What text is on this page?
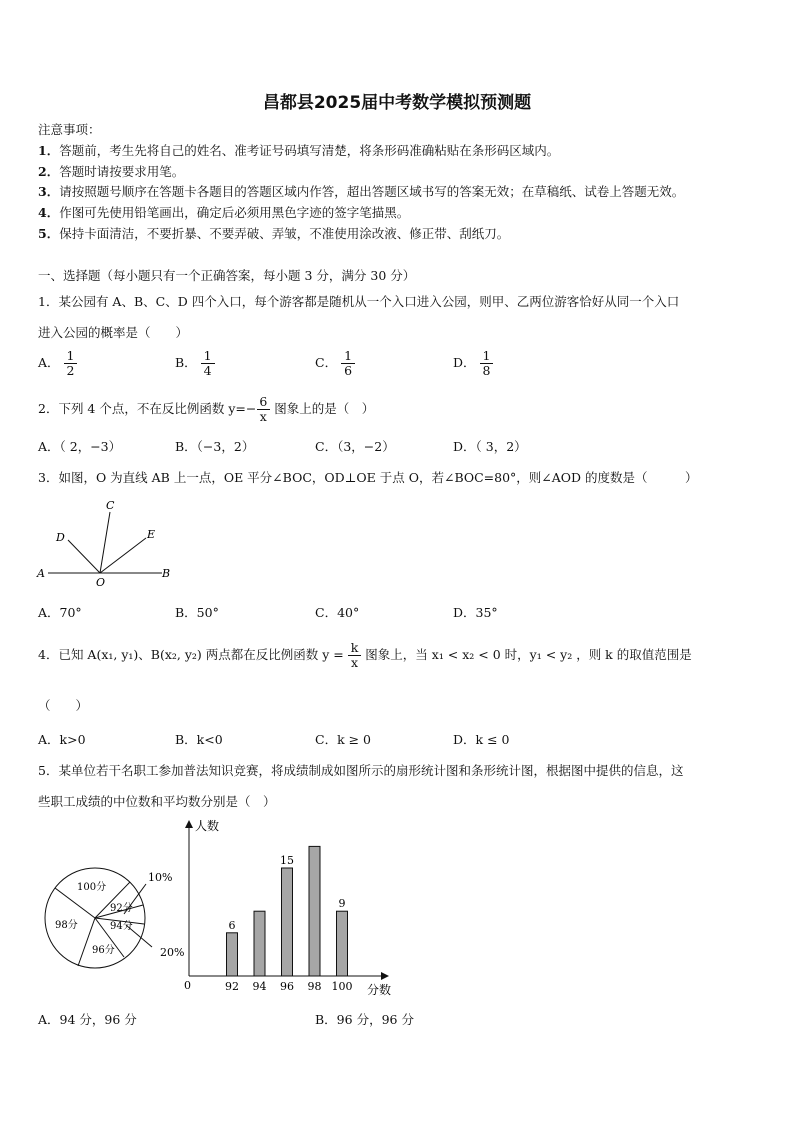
昌都县2025届中考数学模拟预测题
注意事项：
1．答题前，考生先将自己的姓名、准考证号码填写清楚，将条形码准确粘贴在条形码区域内。
2．答题时请按要求用笔。
3．请按照题号顺序在答题卡各题目的答题区域内作答，超出答题区域书写的答案无效；在草稿纸、试卷上答题无效。
4．作图可先使用铅笔画出，确定后必须用黑色字迹的签字笔描黑。
5．保持卡面清洁，不要折暴、不要弄破、弄皱，不准使用涂改液、修正带、刮纸刀。
一、选择题（每小题只有一个正确答案，每小题 3 分，满分 30 分）
1．某公园有 A、B、C、D 四个入口，每个游客都是随机从一个入口进入公园，则甲、乙两位游客恰好从同一个入口
进入公园的概率是（　　）
A． $\frac{1}{2}$	B． $\frac{1}{4}$	C． $\frac{1}{6}$	D． $\frac{1}{8}$
2．下列 4 个点，不在反比例函数 $y=- \frac{6}{x}$ 图象上的是（　）
A．（ 2，−3）	B．（−3，2）	C．（3，−2）	D．（ 3，2）
3．如图，O 为直线 AB 上一点，OE 平分∠BOC，OD⊥OE 于点 O，若∠BOC=80°，则∠AOD 的度数是（　　　）
A	B
C
D	E
O
A．70°	B．50°	C．40°	D．35°
4．已知 A(x₁, y₁)、B(x₂, y₂) 两点都在反比例函数 $y = \frac{k}{x}$ 图象上，当 x₁ < x₂ < 0 时，y₁ < y₂ ，则 k 的取值范围是
（　　）
A．k>0	B．k<0	C．k ≥ 0	D．k ≤ 0
5．某单位若干名职工参加普法知识竞赛，将成绩制成如图所示的扇形统计图和条形统计图，根据图中提供的信息，这
些职工成绩的中位数和平均数分别是（　）
100分
92分
94分
96分
98分
10%
20%
人数
分数
0	92
6
94 96
15
98 100
9
A．94 分，96 分	B．96 分，96 分
